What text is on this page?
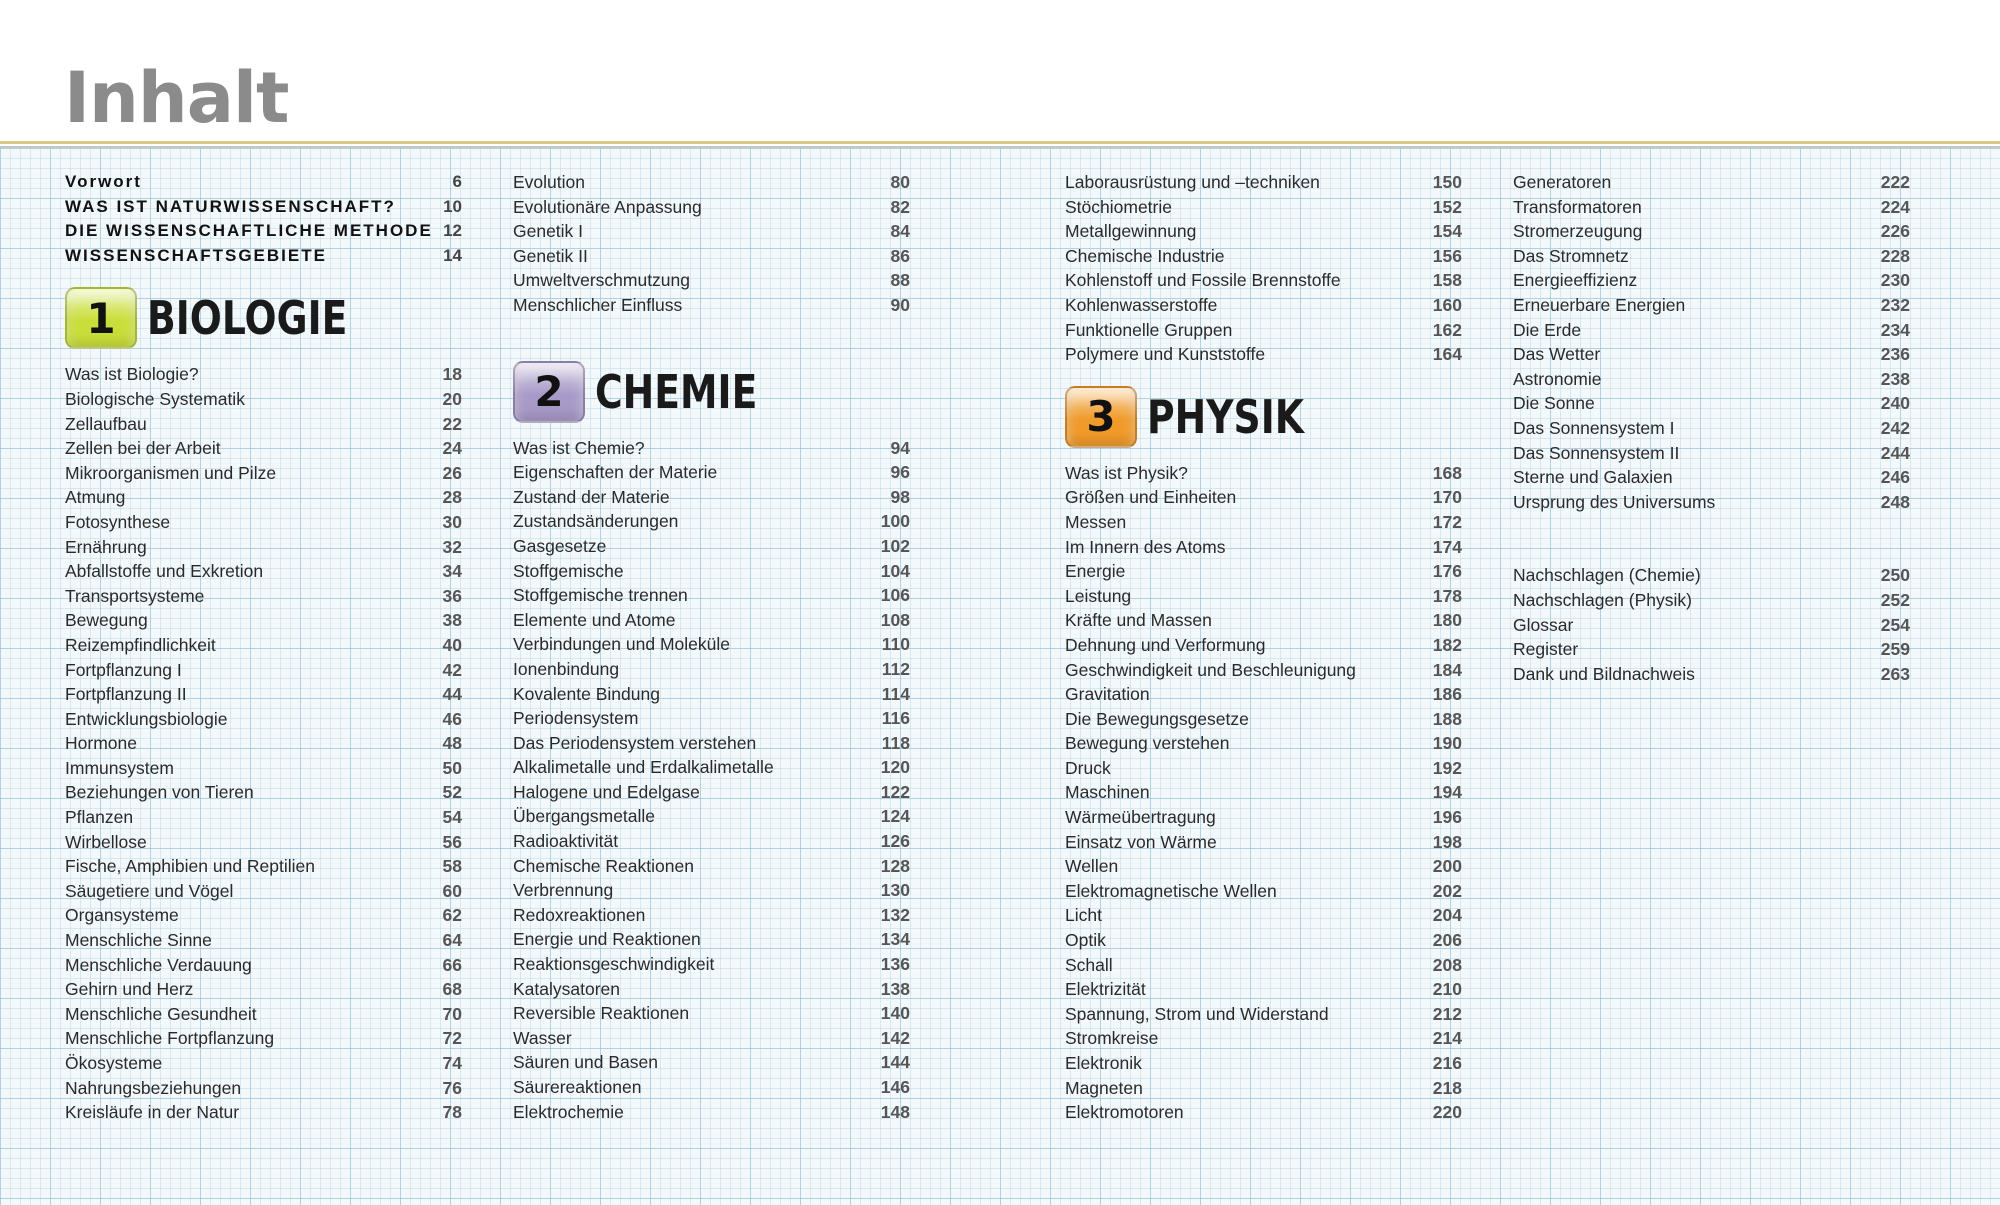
Inhalt
Vorwort	6
WAS IST NATURWISSENSCHAFT?	10
DIE WISSENSCHAFTLICHE METHODE 12
WISSENSCHAFTSGEBIETE	14
1 BIOLOGIE
Was ist Biologie?	18
Biologische Systematik	20
Zellaufbau	22
Zellen bei der Arbeit	24
Mikroorganismen und Pilze	26
Atmung	28
Fotosynthese	30
Ernährung	32
Abfallstoffe und Exkretion	34
Transportsysteme	36
Bewegung	38
Reizempfindlichkeit	40
Fortpflanzung I	42
Fortpflanzung II	44
Entwicklungsbiologie	46
Hormone	48
Immunsystem	50
Beziehungen von Tieren	52
Pflanzen	54
Wirbellose	56
Fische, Amphibien und Reptilien	58
Säugetiere und Vögel	60
Organsysteme	62
Menschliche Sinne	64
Menschliche Verdauung	66
Gehirn und Herz	68
Menschliche Gesundheit	70
Menschliche Fortpflanzung	72
Ökosysteme	74
Nahrungsbeziehungen	76
Kreisläufe in der Natur	78
Evolution	80
Evolutionäre Anpassung	82
Genetik I	84
Genetik II	86
Umweltverschmutzung	88
Menschlicher Einfluss	90
2 CHEMIE
Was ist Chemie?	94
Eigenschaften der Materie	96
Zustand der Materie	98
Zustandsänderungen	100
Gasgesetze	102
Stoffgemische	104
Stoffgemische trennen	106
Elemente und Atome	108
Verbindungen und Moleküle	110
Ionenbindung	112
Kovalente Bindung	114
Periodensystem	116
Das Periodensystem verstehen	118
Alkalimetalle und Erdalkalimetalle	120
Halogene und Edelgase	122
Übergangsmetalle	124
Radioaktivität	126
Chemische Reaktionen	128
Verbrennung	130
Redoxreaktionen	132
Energie und Reaktionen	134
Reaktionsgeschwindigkeit	136
Katalysatoren	138
Reversible Reaktionen	140
Wasser	142
Säuren und Basen	144
Säurereaktionen	146
Elektrochemie	148
Laborausrüstung und –techniken	150
Stöchiometrie	152
Metallgewinnung	154
Chemische Industrie	156
Kohlenstoff und Fossile Brennstoffe	158
Kohlenwasserstoffe	160
Funktionelle Gruppen	162
Polymere und Kunststoffe	164
3 PHYSIK
Was ist Physik?	168
Größen und Einheiten	170
Messen	172
Im Innern des Atoms	174
Energie	176
Leistung	178
Kräfte und Massen	180
Dehnung und Verformung	182
Geschwindigkeit und Beschleunigung	184
Gravitation	186
Die Bewegungsgesetze	188
Bewegung verstehen	190
Druck	192
Maschinen	194
Wärmeübertragung	196
Einsatz von Wärme	198
Wellen	200
Elektromagnetische Wellen	202
Licht	204
Optik	206
Schall	208
Elektrizität	210
Spannung, Strom und Widerstand	212
Stromkreise	214
Elektronik	216
Magneten	218
Elektromotoren	220
Generatoren	222
Transformatoren	224
Stromerzeugung	226
Das Stromnetz	228
Energieeffizienz	230
Erneuerbare Energien	232
Die Erde	234
Das Wetter	236
Astronomie	238
Die Sonne	240
Das Sonnensystem I	242
Das Sonnensystem II	244
Sterne und Galaxien	246
Ursprung des Universums	248
Nachschlagen (Chemie)	250
Nachschlagen (Physik)	252
Glossar	254
Register	259
Dank und Bildnachweis	263
